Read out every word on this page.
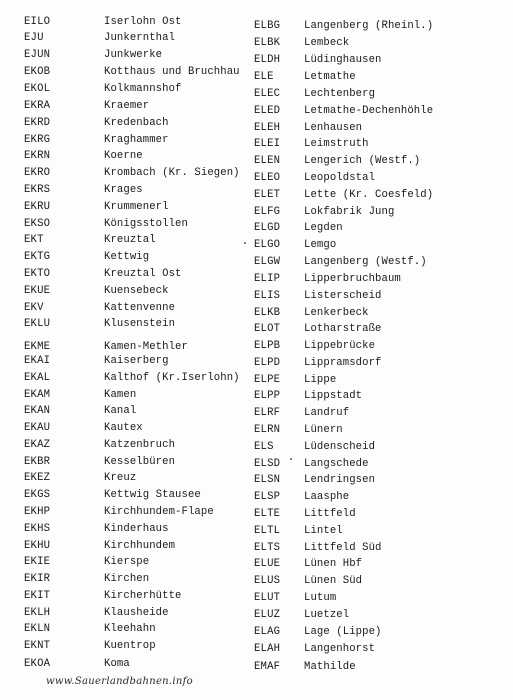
EILO	Iserlohn Ost
EJU	Junkernthal
EJUN	Junkwerke
EKOB	Kotthaus und Bruchhau
EKOL	Kolkmannshof
EKRA	Kraemer
EKRD	Kredenbach
EKRG	Kraghammer
EKRN	Koerne
EKRO	Krombach (Kr. Siegen)
EKRS	Krages
EKRU	Krummenerl
EKSO	Königsstollen
EKT	Kreuztal
EKTG	Kettwig
EKTO	Kreuztal Ost
EKUE	Kuensebeck
EKV	Kattenvenne
EKLU	Klusenstein
EKME	Kamen-Methler
EKAI	Kaiserberg
EKAL	Kalthof (Kr.Iserlohn)
EKAM	Kamen
EKAN	Kanal
EKAU	Kautex
EKAZ	Katzenbruch
EKBR	Kesselbüren
EKEZ	Kreuz
EKGS	Kettwig Stausee
EKHP	Kirchhundem-Flape
EKHS	Kinderhaus
EKHU	Kirchhundem
EKIE	Kierspe
EKIR	Kirchen
EKIT	Kircherhütte
EKLH	Klausheide
EKLN	Kleehahn
EKNT	Kuentrop
EKOA	Koma
ELBG Langenberg (Rheinl.)
ELBK Lembeck
ELDH Lüdinghausen
ELE	Letmathe
ELEC Lechtenberg
ELED Letmathe-Dechenhöhle
ELEH Lenhausen
ELEI Leimstruth
ELEN Lengerich (Westf.)
ELEO Leopoldstal
ELET Lette (Kr. Coesfeld)
ELFG Lokfabrik Jung
ELGD Legden
ELGO Lemgo
ELGW Langenberg (Westf.)
ELIP Lipperbruchbaum
ELIS Listerscheid
ELKB Lenkerbeck
ELOT Lotharstraße
ELPB Lippebrücke
ELPD Lippramsdorf
ELPE Lippe
ELPP Lippstadt
ELRF Landruf
ELRN Lünern
ELS	Lüdenscheid
ELSD Langschede
ELSN Lendringsen
ELSP Laasphe
ELTE Littfeld
ELTL Lintel
ELTS Littfeld Süd
ELUE Lünen Hbf
ELUS Lünen Süd
ELUT Lutum
ELUZ Luetzel
ELAG Lage (Lippe)
ELAH Langenhorst
EMAF Mathilde
www.Sauerlandbahnen.info
